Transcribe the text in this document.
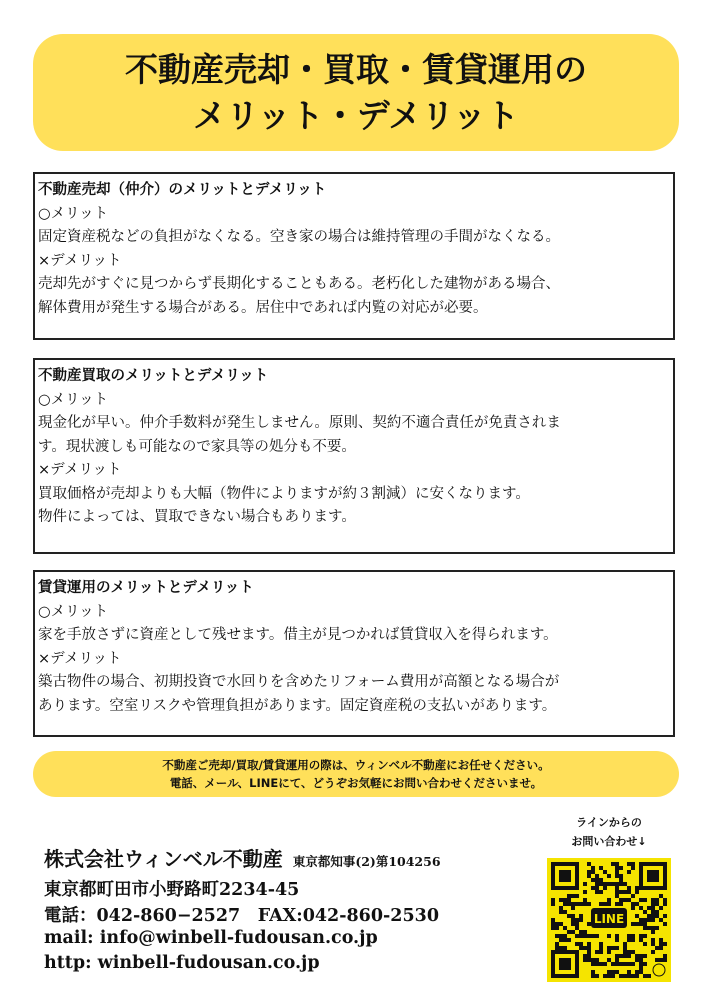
不動産売却・買取・賃貸運用の
メリット・デメリット
不動産売却（仲介）のメリットとデメリット
○メリット
固定資産税などの負担がなくなる。空き家の場合は維持管理の手間がなくなる。
×デメリット
売却先がすぐに見つからず長期化することもある。老朽化した建物がある場合、
解体費用が発生する場合がある。居住中であれば内覧の対応が必要。
不動産買取のメリットとデメリット
○メリット
現金化が早い。仲介手数料が発生しません。原則、契約不適合責任が免責されま
す。現状渡しも可能なので家具等の処分も不要。
×デメリット
買取価格が売却よりも大幅（物件によりますが約３割減）に安くなります。
物件によっては、買取できない場合もあります。
賃貸運用のメリットとデメリット
○メリット
家を手放さずに資産として残せます。借主が見つかれば賃貸収入を得られます。
×デメリット
築古物件の場合、初期投資で水回りを含めたリフォーム費用が高額となる場合が
あります。空室リスクや管理負担があります。固定資産税の支払いがあります。
不動産ご売却/買取/賃貸運用の際は、ウィンベル不動産にお任せください。
電話、メール、LINEにて、どうぞお気軽にお問い合わせくださいませ。
株式会社ウィンベル不動産 東京都知事(2)第104256
東京都町田市小野路町2234-45
電話：042-860−2527　FAX:042-860-2530
mail: info@winbell-fudousan.co.jp
http: winbell-fudousan.co.jp
ラインからの
お問い合わせ↓
LINE
